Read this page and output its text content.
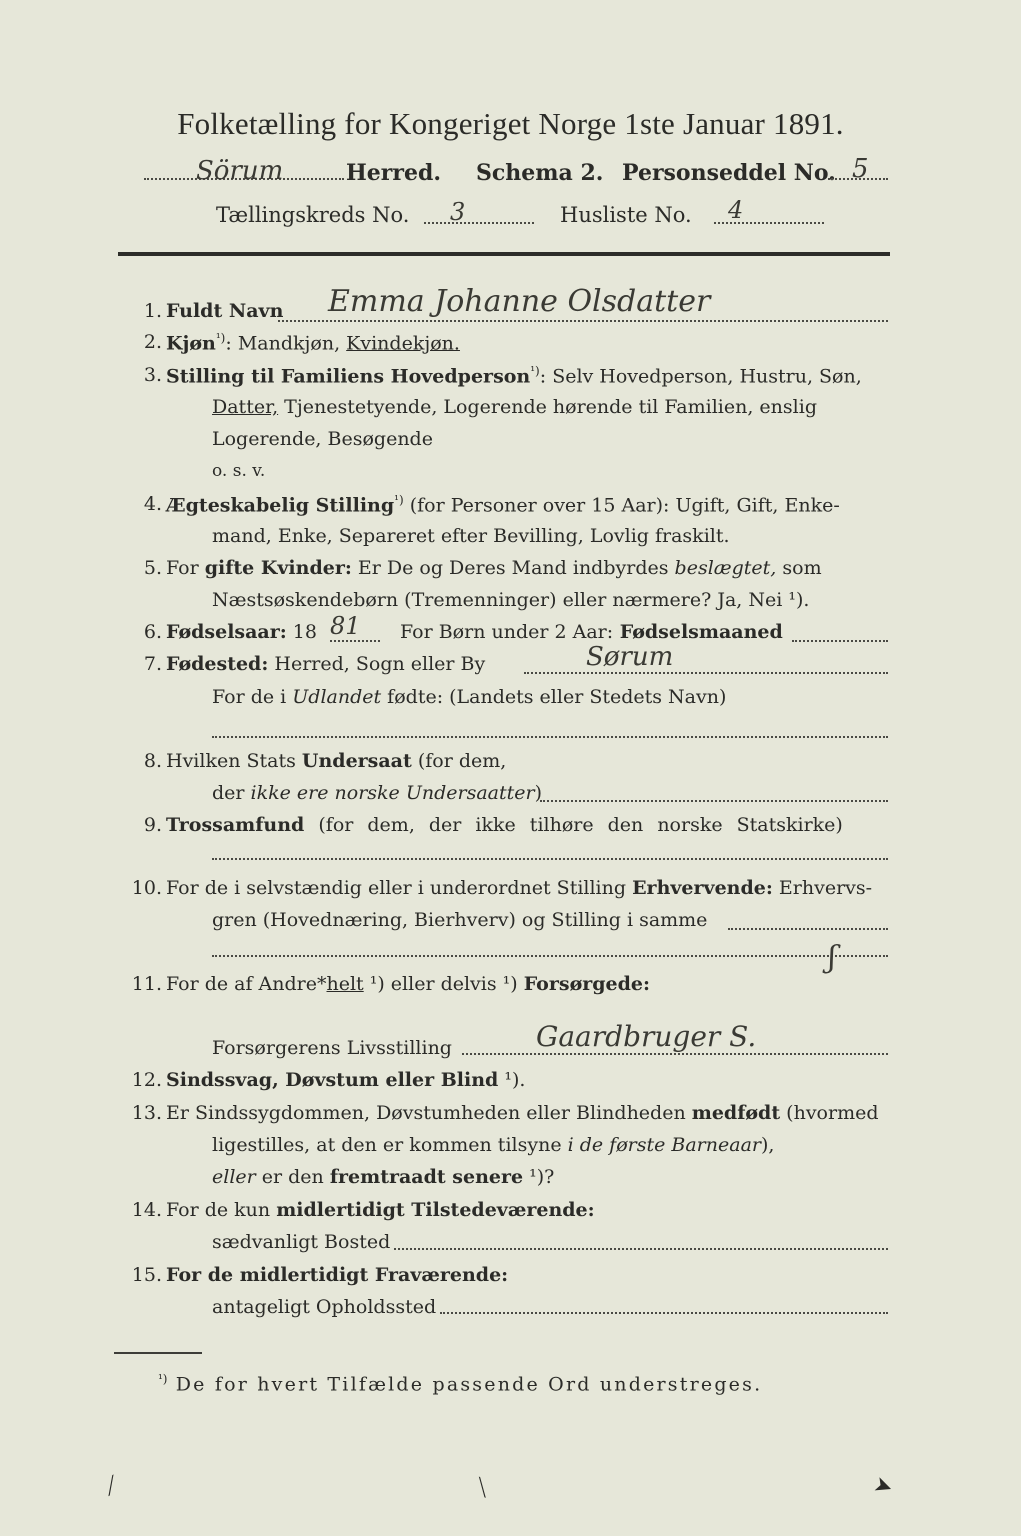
Folketælling for Kongeriget Norge 1ste Januar 1891.
Sörum	Herred. Schema 2. Personseddel No. 5
Tællingskreds No. 3	Husliste No. 4
1. Fuldt Navn Emma Johanne Olsdatter
2. Kjøn$^{^1)}$: Mandkjøn, Kvindekjøn.
3. Stilling til Familiens Hovedperson$^{^1)}$: Selv Hovedperson, Hustru, Søn,
Datter, Tjenestetyende, Logerende hørende til Familien, enslig
Logerende, Besøgende
o. s. v.
4. Ægteskabelig Stilling$^{^1)}$ (for Personer over 15 Aar): Ugift, Gift, Enke-
mand, Enke, Separeret efter Bevilling, Lovlig fraskilt.
5. For gifte Kvinder: Er De og Deres Mand indbyrdes beslægtet, som
Næstsøskendebørn (Tremenninger) eller nærmere? Ja, Nei ¹).
6. Fødselsaar: 18 81 For Børn under 2 Aar: Fødselsmaaned
7. Fødested: Herred, Sogn eller By	Sørum
For de i Udlandet fødte: (Landets eller Stedets Navn)
8. Hvilken Stats Undersaat (for dem,
der ikke ere norske Undersaatter)
9. Trossamfund (for dem, der ikke tilhøre den norske Statskirke)
10. For de i selvstændig eller i underordnet Stilling Erhvervende: Erhvervs-
gren (Hovednæring, Bierhverv) og Stilling i samme
11. For de af Andre*helt ¹) eller delvis ¹) Forsørgede:
ʃ
Forsørgerens Livsstilling	Gaardbruger S.
12. Sindssvag, Døvstum eller Blind ¹).
13. Er Sindssygdommen, Døvstumheden eller Blindheden medfødt (hvormed
ligestilles, at den er kommen tilsyne i de første Barneaar),
eller er den fremtraadt senere ¹)?
14. For de kun midlertidigt Tilstedeværende:
sædvanligt Bosted
15. For de midlertidigt Fraværende:
antageligt Opholdssted
$^{^1)}$ De for hvert Tilfælde passende Ord understreges.
⟋	⟍	➤
